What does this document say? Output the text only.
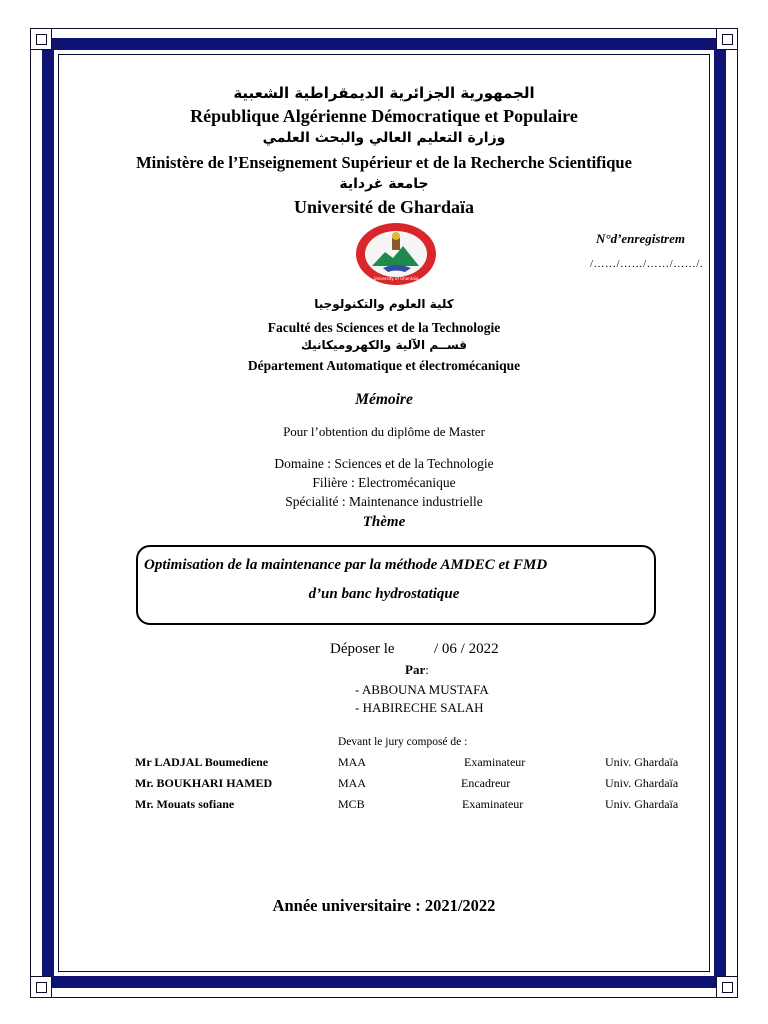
الجمهورية الجزائرية الديمقراطية الشعبية
République Algérienne Démocratique et Populaire
وزارة التعليم العالي والبحث العلمي
Ministère de l’Enseignement Supérieur et de la Recherche Scientifique
جامعة غرداية
Université de Ghardaïa
University of Ghardaia
N°d’enregistrem
/……/……/……/……/.
كلية العلوم والتكنولوجيا
Faculté des Sciences et de la Technologie
قســم الآلية والكهروميكانيك
Département Automatique et électromécanique
Mémoire
Pour l’obtention du diplôme de Master
Domaine : Sciences et de la Technologie
Filière : Electromécanique
Spécialité : Maintenance industrielle
Thème
Optimisation de la maintenance par la méthode AMDEC et FMD
d’un banc hydrostatique
Déposer le	/ 06 / 2022
Par:
- ABBOUNA MUSTAFA
- HABIRECHE SALAH
Devant le jury composé de :
Mr LADJAL Boumediene	MAA	Examinateur	Univ. Ghardaïa
Mr. BOUKHARI HAMED	MAA	Encadreur	Univ. Ghardaïa
Mr. Mouats sofiane	MCB	Examinateur	Univ. Ghardaïa
Année universitaire : 2021/2022
